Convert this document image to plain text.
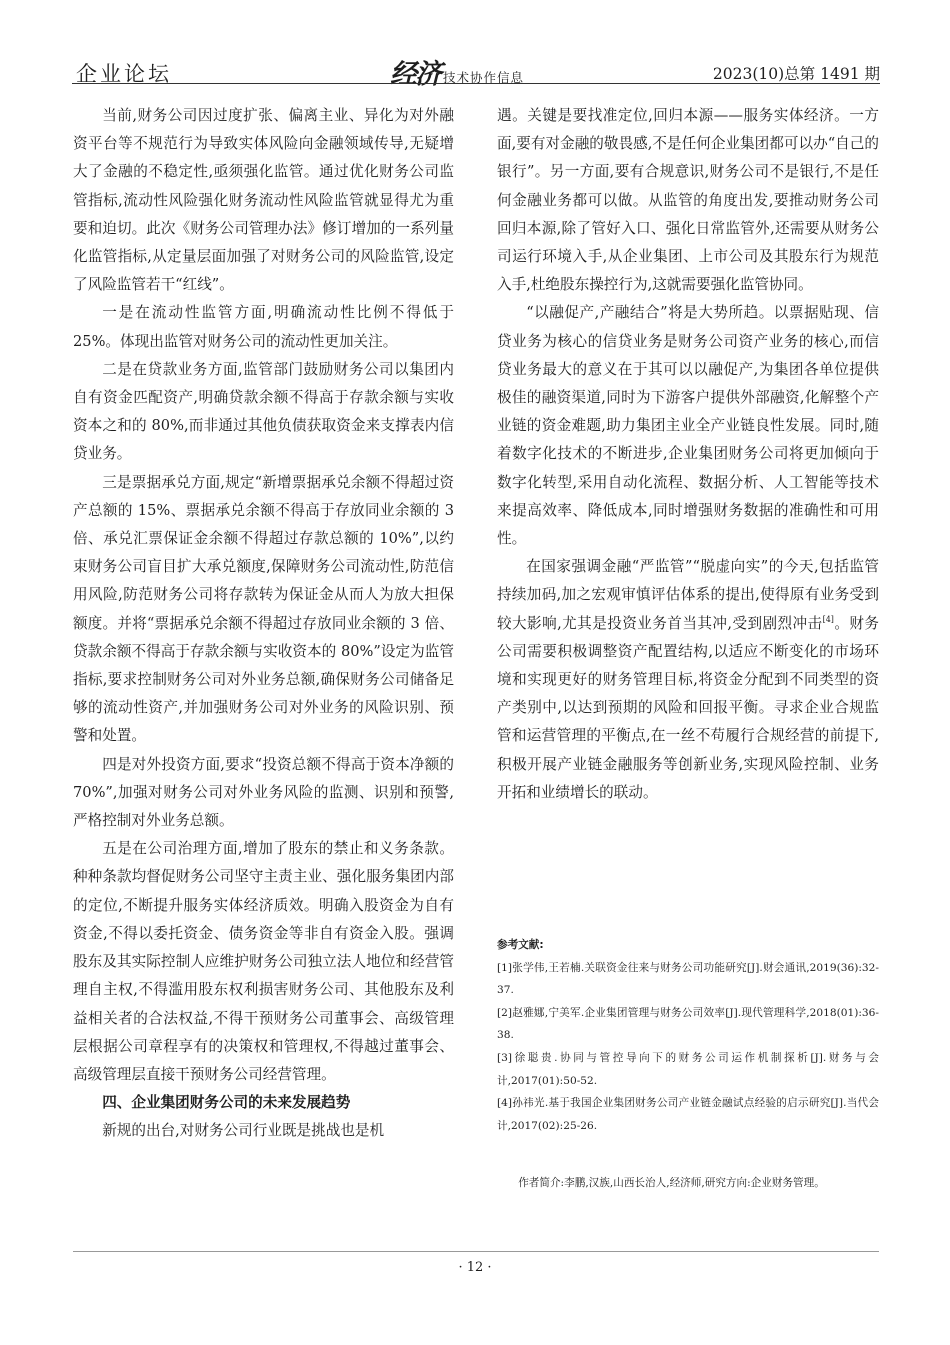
企业论坛	经济 技术协作信息	2023(10)总第 1491 期

当前,财务公司因过度扩张、偏离主业、异化为对外融资平台等不规范行为导致实体风险向金融领域传导,无疑增大了金融的不稳定性,亟须强化监管。通过优化财务公司监管指标,流动性风险强化财务流动性风险监管就显得尤为重要和迫切。此次《财务公司管理办法》修订增加的一系列量化监管指标,从定量层面加强了对财务公司的风险监管,设定了风险监管若干“红线”。

一是在流动性监管方面,明确流动性比例不得低于 25%。体现出监管对财务公司的流动性更加关注。

二是在贷款业务方面,监管部门鼓励财务公司以集团内自有资金匹配资产,明确贷款余额不得高于存款余额与实收资本之和的 80%,而非通过其他负债获取资金来支撑表内信贷业务。

三是票据承兑方面,规定“新增票据承兑余额不得超过资产总额的 15%、票据承兑余额不得高于存放同业余额的 3 倍、承兑汇票保证金余额不得超过存款总额的 10%”,以约束财务公司盲目扩大承兑额度,保障财务公司流动性,防范信用风险,防范财务公司将存款转为保证金从而人为放大担保额度。并将“票据承兑余额不得超过存放同业余额的 3 倍、贷款余额不得高于存款余额与实收资本的 80%”设定为监管指标,要求控制财务公司对外业务总额,确保财务公司储备足够的流动性资产,并加强财务公司对外业务的风险识别、预警和处置。

四是对外投资方面,要求“投资总额不得高于资本净额的 70%”,加强对财务公司对外业务风险的监测、识别和预警,严格控制对外业务总额。

五是在公司治理方面,增加了股东的禁止和义务条款。种种条款均督促财务公司坚守主责主业、强化服务集团内部的定位,不断提升服务实体经济质效。明确入股资金为自有资金,不得以委托资金、债务资金等非自有资金入股。强调股东及其实际控制人应维护财务公司独立法人地位和经营管理自主权,不得滥用股东权利损害财务公司、其他股东及利益相关者的合法权益,不得干预财务公司董事会、高级管理层根据公司章程享有的决策权和管理权,不得越过董事会、高级管理层直接干预财务公司经营管理。

四、企业集团财务公司的未来发展趋势

新规的出台,对财务公司行业既是挑战也是机

遇。关键是要找准定位,回归本源——服务实体经济。一方面,要有对金融的敬畏感,不是任何企业集团都可以办“自己的银行”。另一方面,要有合规意识,财务公司不是银行,不是任何金融业务都可以做。从监管的角度出发,要推动财务公司回归本源,除了管好入口、强化日常监管外,还需要从财务公司运行环境入手,从企业集团、上市公司及其股东行为规范入手,杜绝股东操控行为,这就需要强化监管协同。

“以融促产,产融结合”将是大势所趋。以票据贴现、信贷业务为核心的信贷业务是财务公司资产业务的核心,而信贷业务最大的意义在于其可以以融促产,为集团各单位提供极佳的融资渠道,同时为下游客户提供外部融资,化解整个产业链的资金难题,助力集团主业全产业链良性发展。同时,随着数字化技术的不断进步,企业集团财务公司将更加倾向于数字化转型,采用自动化流程、数据分析、人工智能等技术来提高效率、降低成本,同时增强财务数据的准确性和可用性。

在国家强调金融“严监管”“脱虚向实”的今天,包括监管持续加码,加之宏观审慎评估体系的提出,使得原有业务受到较大影响,尤其是投资业务首当其冲,受到剧烈冲击[4]。财务公司需要积极调整资产配置结构,以适应不断变化的市场环境和实现更好的财务管理目标,将资金分配到不同类型的资产类别中,以达到预期的风险和回报平衡。寻求企业合规监管和运营管理的平衡点,在一丝不苟履行合规经营的前提下,积极开展产业链金融服务等创新业务,实现风险控制、业务开拓和业绩增长的联动。

参考文献:

[1]张学伟,王若楠.关联资金往来与财务公司功能研究[J].财会通讯,2019(36):32-37.

[2]赵雅娜,宁美军.企业集团管理与财务公司效率[J].现代管理科学,2018(01):36-38.

[3]徐聪贵.协同与管控导向下的财务公司运作机制探析[J].财务与会计,2017(01):50-52.

[4]孙祎光.基于我国企业集团财务公司产业链金融试点经验的启示研究[J].当代会计,2017(02):25-26.

作者简介:李鹏,汉族,山西长治人,经济师,研究方向:企业财务管理。
· 12 ·
